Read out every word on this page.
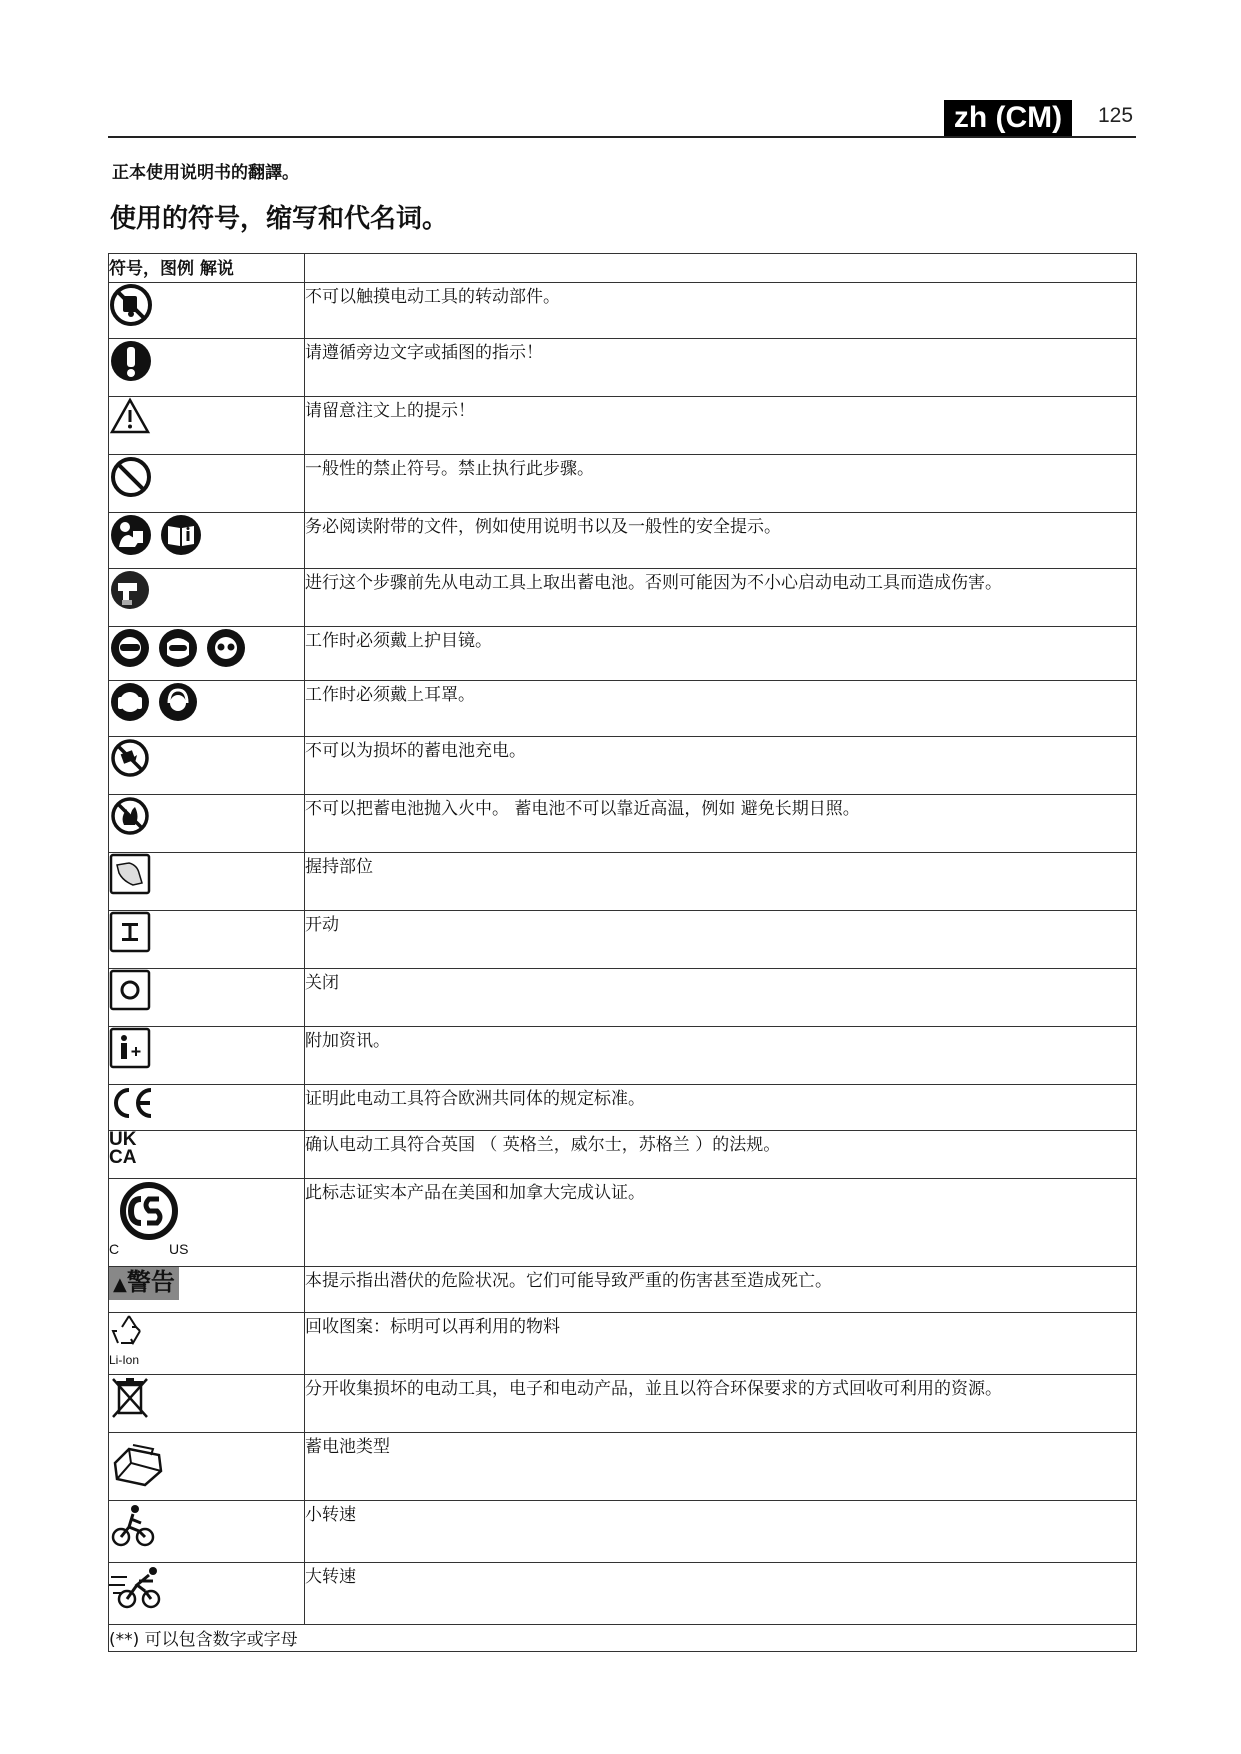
zh (CM)	125
正本使用说明书的翻譯。
使用的符号，缩写和代名词。
符号，图例 解说	

	不可以触摸电动工具的转动部件。

	请遵循旁边文字或插图的指示！

	请留意注文上的提示！

	一般性的禁止符号。禁止执行此步骤。

	务必阅读附带的文件，例如使用说明书以及一般性的安全提示。

	进行这个步骤前先从电动工具上取出蓄电池。否则可能因为不小心启动电动工具而造成伤害。

	工作时必须戴上护目镜。

	工作时必须戴上耳罩。

	不可以为损坏的蓄电池充电。

	不可以把蓄电池抛入火中。 蓄电池不可以靠近高温，例如 避免长期日照。

	握持部位

	开动

	关闭

	附加资讯。

	证明此电动工具符合欧洲共同体的规定标准。

UK
CA	确认电动工具符合英国 （ 英格兰，威尔士，苏格兰 ）的法规。

C US	此标志证实本产品在美国和加拿大完成认证。

▲警告	本提示指出潜伏的危险状况。它们可能导致严重的伤害甚至造成死亡。

Li-Ion	回收图案：标明可以再利用的物料

	分开收集损坏的电动工具，电子和电动产品，並且以符合环保要求的方式回收可利用的资源。

	蓄电池类型

	小转速

	大转速
(**) 可以包含数字或字母	
